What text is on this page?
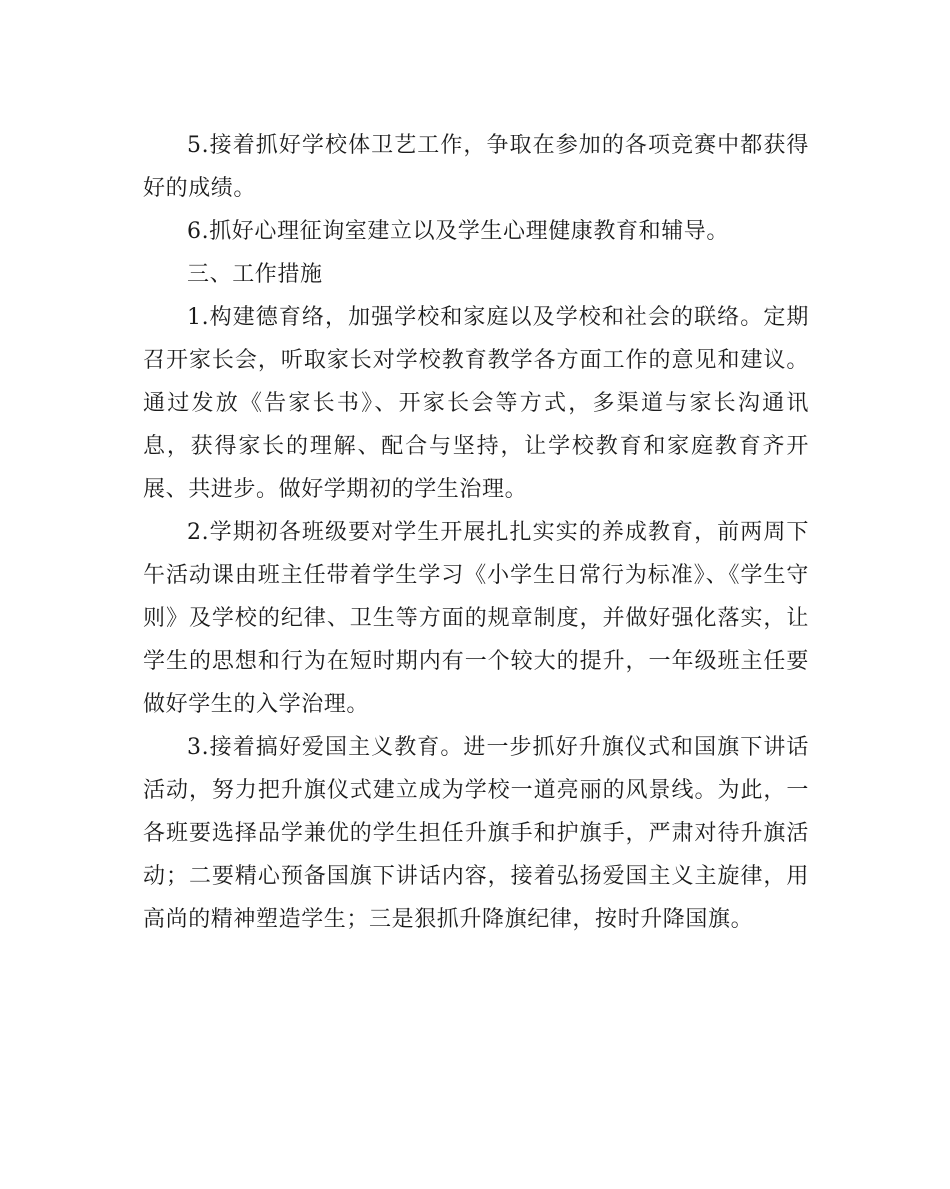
5.接着抓好学校体卫艺工作，争取在参加的各项竞赛中都获得好的成绩。

6.抓好心理征询室建立以及学生心理健康教育和辅导。

三、工作措施

1.构建德育络，加强学校和家庭以及学校和社会的联络。定期召开家长会，听取家长对学校教育教学各方面工作的意见和建议。通过发放《告家长书》、开家长会等方式，多渠道与家长沟通讯息，获得家长的理解、配合与坚持，让学校教育和家庭教育齐开展、共进步。做好学期初的学生治理。

2.学期初各班级要对学生开展扎扎实实的养成教育，前两周下午活动课由班主任带着学生学习《小学生日常行为标准》、《学生守则》及学校的纪律、卫生等方面的规章制度，并做好强化落实，让学生的思想和行为在短时期内有一个较大的提升，一年级班主任要做好学生的入学治理。

3.接着搞好爱国主义教育。进一步抓好升旗仪式和国旗下讲话活动，努力把升旗仪式建立成为学校一道亮丽的风景线。为此，一各班要选择品学兼优的学生担任升旗手和护旗手，严肃对待升旗活动；二要精心预备国旗下讲话内容，接着弘扬爱国主义主旋律，用高尚的精神塑造学生；三是狠抓升降旗纪律，按时升降国旗。
